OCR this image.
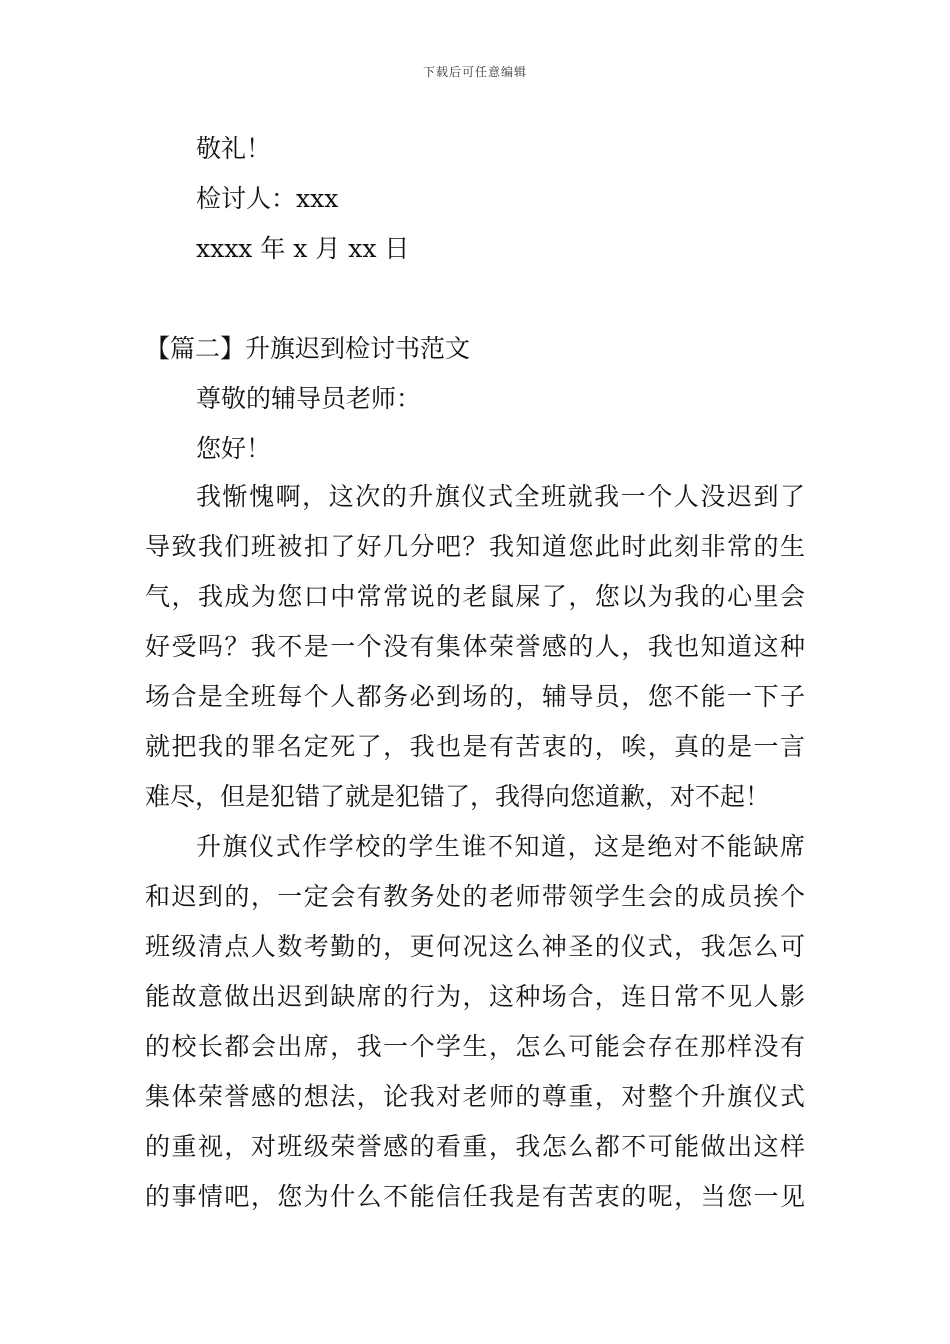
下载后可任意编辑
敬礼！
检讨人：xxx
xxxx 年 x 月 xx 日
【篇二】升旗迟到检讨书范文
尊敬的辅导员老师：
您好！
我惭愧啊，这次的升旗仪式全班就我一个人没迟到了
导致我们班被扣了好几分吧？我知道您此时此刻非常的生
气，我成为您口中常常说的老鼠屎了，您以为我的心里会
好受吗？我不是一个没有集体荣誉感的人，我也知道这种
场合是全班每个人都务必到场的，辅导员，您不能一下子
就把我的罪名定死了，我也是有苦衷的，唉，真的是一言
难尽，但是犯错了就是犯错了，我得向您道歉，对不起！
升旗仪式作学校的学生谁不知道，这是绝对不能缺席
和迟到的，一定会有教务处的老师带领学生会的成员挨个
班级清点人数考勤的，更何况这么神圣的仪式，我怎么可
能故意做出迟到缺席的行为，这种场合，连日常不见人影
的校长都会出席，我一个学生，怎么可能会存在那样没有
集体荣誉感的想法，论我对老师的尊重，对整个升旗仪式
的重视，对班级荣誉感的看重，我怎么都不可能做出这样
的事情吧，您为什么不能信任我是有苦衷的呢，当您一见
